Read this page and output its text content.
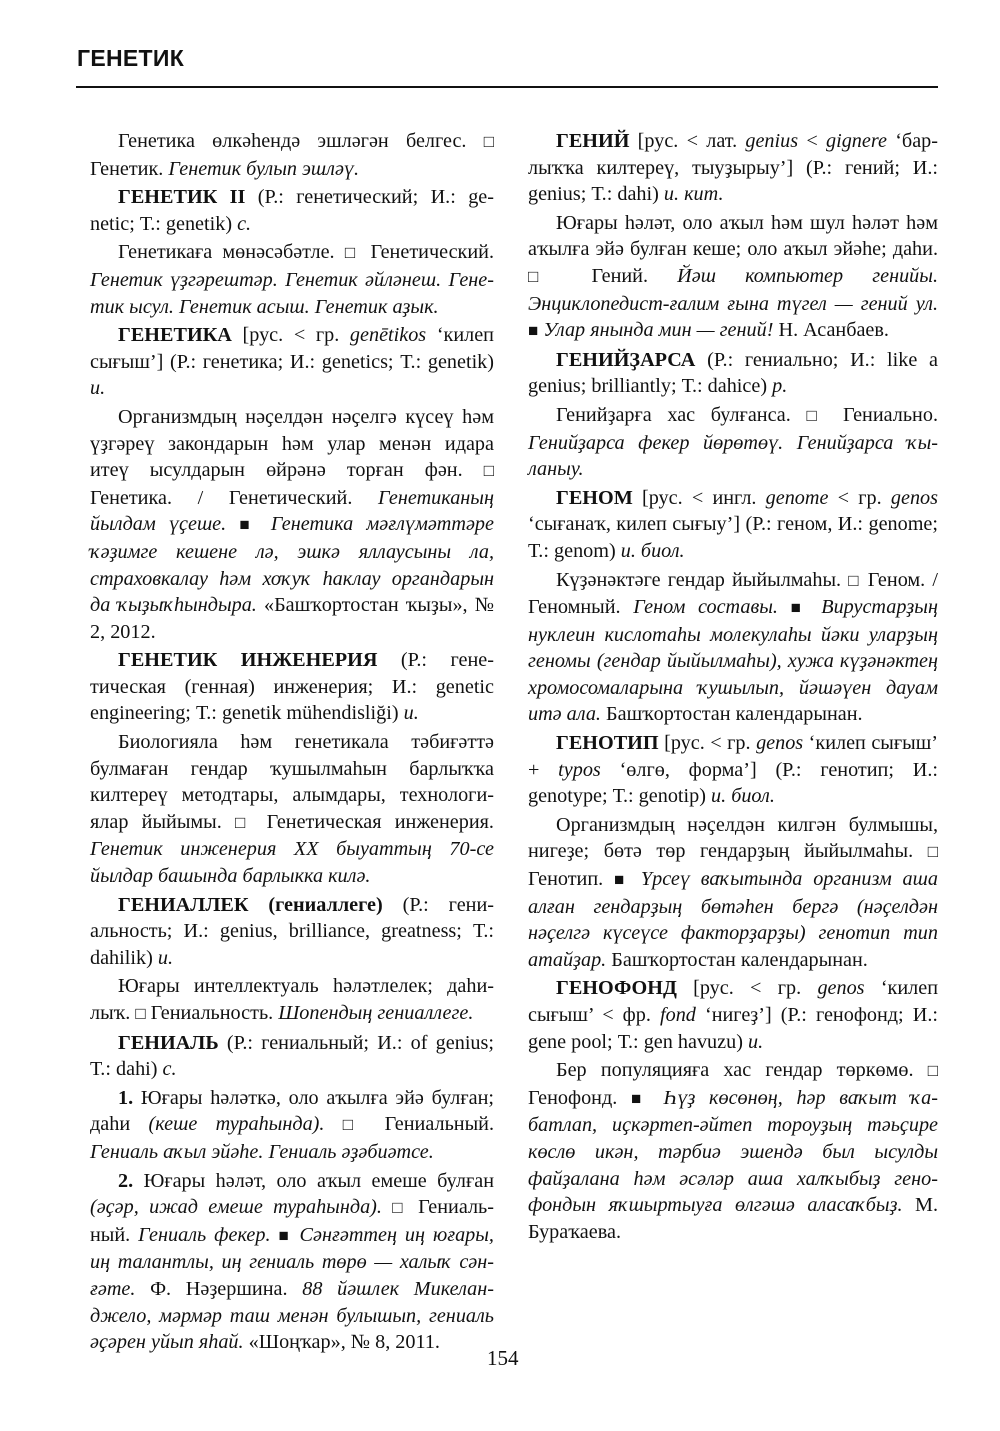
ГЕНЕТИК

Генетика өлкәһендә эшләгән белгес. □ Генетик. Генетик булып эшләү.

ГЕНЕТИК II (Р.: генетический; И.: genetic; Т.: genetik) с.

Генетикаға мөнәсәбәтле. □ Генетический. Генетик үҙгәрештәр. Генетик әйләнеш. Генетик ысул. Генетик асыш. Генетик аҙык.

ГЕНЕТИКА [рус. < гр. genētikos ‘килеп сығыш’] (Р.: генетика; И.: genetics; Т.: genetik) и.

Организмдың нәҫелдән нәҫелгә күсеү һәм үҙгәреү закондарын һәм улар менән идара итеү ысулдарын өйрәнә торған фән. □ Генетика. / Генетический. Генетиканың йылдам үҫеше. ■ Генетика мәғлүмәттәре ҡәҙимге кешене лә, эшкә яллаусыны ла, страховкалау һәм хоҡуҡ һаклау органдарын да ҡыҙыҡһындыра. «Башҡортостан ҡыҙы», № 2, 2012.

ГЕНЕТИК ИНЖЕНЕРИЯ (Р.: генетическая (генная) инженерия; И.: genetic engineering; Т.: genetik mühendisliği) и.

Биологияла һәм генетикала тәбиғәттә булмаған гендар ҡушылмаһын барлыҡҡа килтереү методтары, алымдары, технологиялар йыйымы. □ Генетическая инженерия. Генетик инженерия XX быуаттың 70-се йылдар башында барлыкка килә.

ГЕНИАЛЛЕК (гениаллеге) (Р.: гениальность; И.: genius, brilliance, greatness; Т.: dahilik) и.

Юғары интеллектуаль һәләтлелек; даһилыҡ. □ Гениальность. Шопендың гениаллеге.

ГЕНИАЛЬ (Р.: гениальный; И.: of genius; Т.: dahi) с.

1. Юғары һәләткә, оло аҡылға эйә булған; даһи (кеше тураһында). □ Гениальный. Гениаль аҡыл эйәһе. Гениаль әҙәбиәтсе.

2. Юғары һәләт, оло аҡыл емеше булған (әҫәр, ижад емеше тураһында). □ Гениальный. Гениаль фекер. ■ Сәнғәттең иң юғары, иң талантлы, иң гениаль төрө — халыҡ сәнғәте. Ф. Нәҙершина. 88 йәшлек Микеланджело, мәрмәр таш менән булышып, гениаль әҫәрен уйып яһай. «Шоңҡар», № 8, 2011.

ГЕНИЙ [рус. < лат. genius < gignere ‘барлыҡҡа килтереү, тыуҙырыу’] (Р.: гений; И.: genius; Т.: dahi) и. кит.

Юғары һәләт, оло аҡыл һәм шул һәләт һәм аҡылға эйә булған кеше; оло аҡыл эйәһе; даһи. □ Гений. Йәш компьютер генийы. Энциклопедист-ғалим ғына түгел — гений ул. ■ Улар янында мин — гений! Н. Асанбаев.

ГЕНИЙҘАРСА (Р.: гениально; И.: like a genius; brilliantly; Т.: dahice) р.

Генийҙарға хас булғанса. □ Гениально. Генийҙарса фекер йөрөтөү. Генийҙарса ҡыланыу.

ГЕНОМ [рус. < ингл. genome < гр. genos ‘сығанаҡ, килеп сығыу’] (Р.: геном, И.: genome; Т.: genom) и. биол.

Күҙәнәктәге гендар йыйылмаһы. □ Геном. / Геномный. Геном составы. ■ Вирустарҙың нуклеин кислотаһы молекулаһы йәки уларҙың геномы (гендар йыйылмаһы), хужа күҙәнәктең хромосомаларына ҡушылып, йәшәүен дауам итә ала. Башҡортостан календарынан.

ГЕНОТИП [рус. < гр. genos ‘килеп сығыш’ + typos ‘өлгө, форма’] (Р.: генотип; И.: genotype; Т.: genotip) и. биол.

Организмдың нәҫелдән килгән булмышы, нигеҙе; бөтә төр гендарҙың йыйылмаһы. □ Генотип. ■ Үрсеү ваҡытында организм аша алған гендарҙың бөтәһен бергә (нәҫелдән нәҫелгә күсеүсе факторҙарҙы) генотип тип атайҙар. Башҡортостан календарынан.

ГЕНОФОНД [рус. < гр. genos ‘килеп сығыш’ < фр. fond ‘нигеҙ’] (Р.: генофонд; И.: gene pool; Т.: gen havuzu) и.

Бер популяцияға хас гендар төркөмө. □ Генофонд. ■ Һүҙ көсөнөң, һәр ваҡыт ҡабатлап, иҫкәртеп-әйтеп тороуҙың тәьҫире көслө икән, тәрбиә эшендә был ысулды файҙалана һәм әсәләр аша халҡыбыҙ генофондын яҡшыртыуға өлгәшә аласаҡбыҙ. М. Бураҡаева.

154
